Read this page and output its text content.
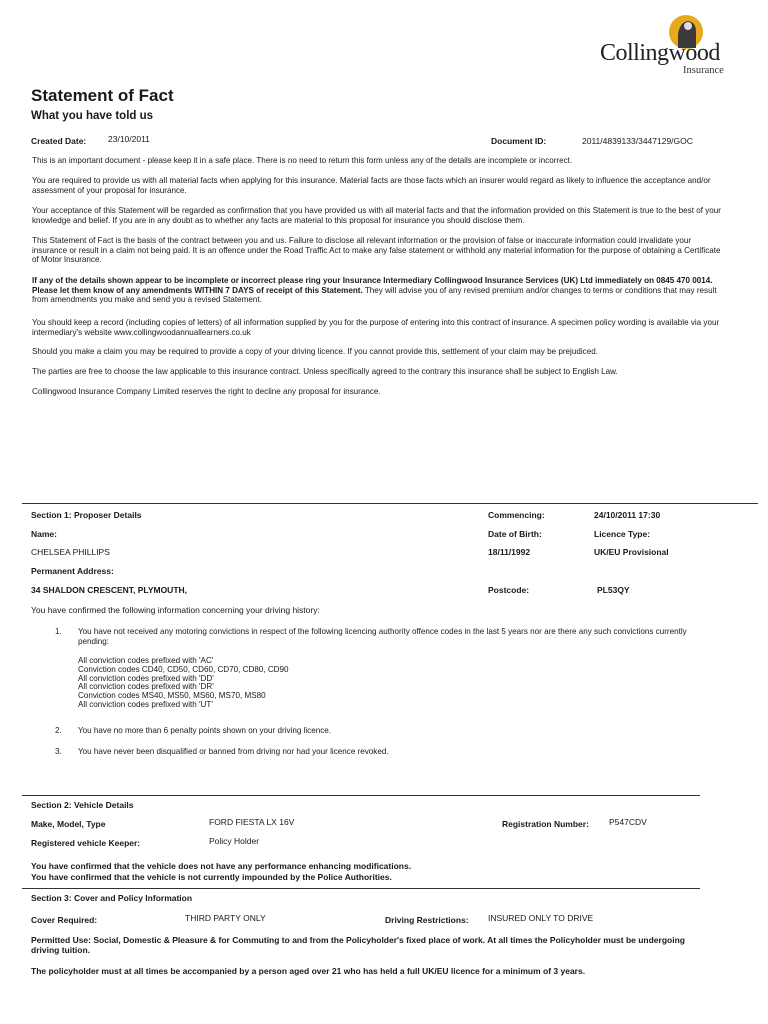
Collingwood
Insurance
Statement of Fact
What you have told us
Created Date:	23/10/2011	Document ID:	2011/4839133/3447129/GOC

This is an important document - please keep it in a safe place. There is no need to return this form unless any of the details are incomplete or incorrect.

You are required to provide us with all material facts when applying for this insurance. Material facts are those facts which an insurer would regard as likely to influence the acceptance and/or assessment of your proposal for insurance.

Your acceptance of this Statement will be regarded as confirmation that you have provided us with all material facts and that the information provided on this Statement is true to the best of your knowledge and belief. If you are in any doubt as to whether any facts are material to this proposal for insurance you should disclose them.

This Statement of Fact is the basis of the contract between you and us. Failure to disclose all relevant information or the provision of false or inaccurate information could invalidate your insurance or result in a claim not being paid. It is an offence under the Road Traffic Act to make any false statement or withhold any material information for the purpose of obtaining a Certificate of Motor Insurance.

If any of the details shown appear to be incomplete or incorrect please ring your Insurance Intermediary Collingwood Insurance Services (UK) Ltd immediately on 0845 470 0014. Please let them know of any amendments WITHIN 7 DAYS of receipt of this Statement. They will advise you of any revised premium and/or changes to terms or conditions that may result from amendments you make and send you a revised Statement.

You should keep a record (including copies of letters) of all information supplied by you for the purpose of entering into this contract of insurance. A specimen policy wording is available via your intermediary's website www.collingwoodannuallearners.co.uk

Should you make a claim you may be required to provide a copy of your driving licence. If you cannot provide this, settlement of your claim may be prejudiced.

The parties are free to choose the law applicable to this insurance contract. Unless specifically agreed to the contrary this insurance shall be subject to English Law.

Collingwood Insurance Company Limited reserves the right to decline any proposal for insurance.

Section 1: Proposer Details	Commencing:	24/10/2011 17:30
Name:	Date of Birth:	Licence Type:
CHELSEA PHILLIPS	18/11/1992	UK/EU Provisional
Permanent Address:
34 SHALDON CRESCENT, PLYMOUTH,	Postcode:	PL53QY
You have confirmed the following information concerning your driving history:
1. You have not received any motoring convictions in respect of the following licencing authority offence codes in the last 5 years nor are there any such convictions currently pending:
All conviction codes prefixed with 'AC'
Conviction codes CD40, CD50, CD60, CD70, CD80, CD90
All conviction codes prefixed with 'DD'
All conviction codes prefixed with 'DR'
Conviction codes MS40, MS50, MS60, MS70, MS80
All conviction codes prefixed with 'UT'
2. You have no more than 6 penalty points shown on your driving licence.
3. You have never been disqualified or banned from driving nor had your licence revoked.
Section 2: Vehicle Details
Make, Model, Type	FORD FIESTA LX 16V	Registration Number: P547CDV
Registered vehicle Keeper:	Policy Holder
You have confirmed that the vehicle does not have any performance enhancing modifications.
You have confirmed that the vehicle is not currently impounded by the Police Authorities.
Section 3: Cover and Policy Information
Cover Required:	THIRD PARTY ONLY	Driving Restrictions: INSURED ONLY TO DRIVE
Permitted Use: Social, Domestic & Pleasure & for Commuting to and from the Policyholder's fixed place of work. At all times the Policyholder must be undergoing driving tuition.
The policyholder must at all times be accompanied by a person aged over 21 who has held a full UK/EU licence for a minimum of 3 years.
